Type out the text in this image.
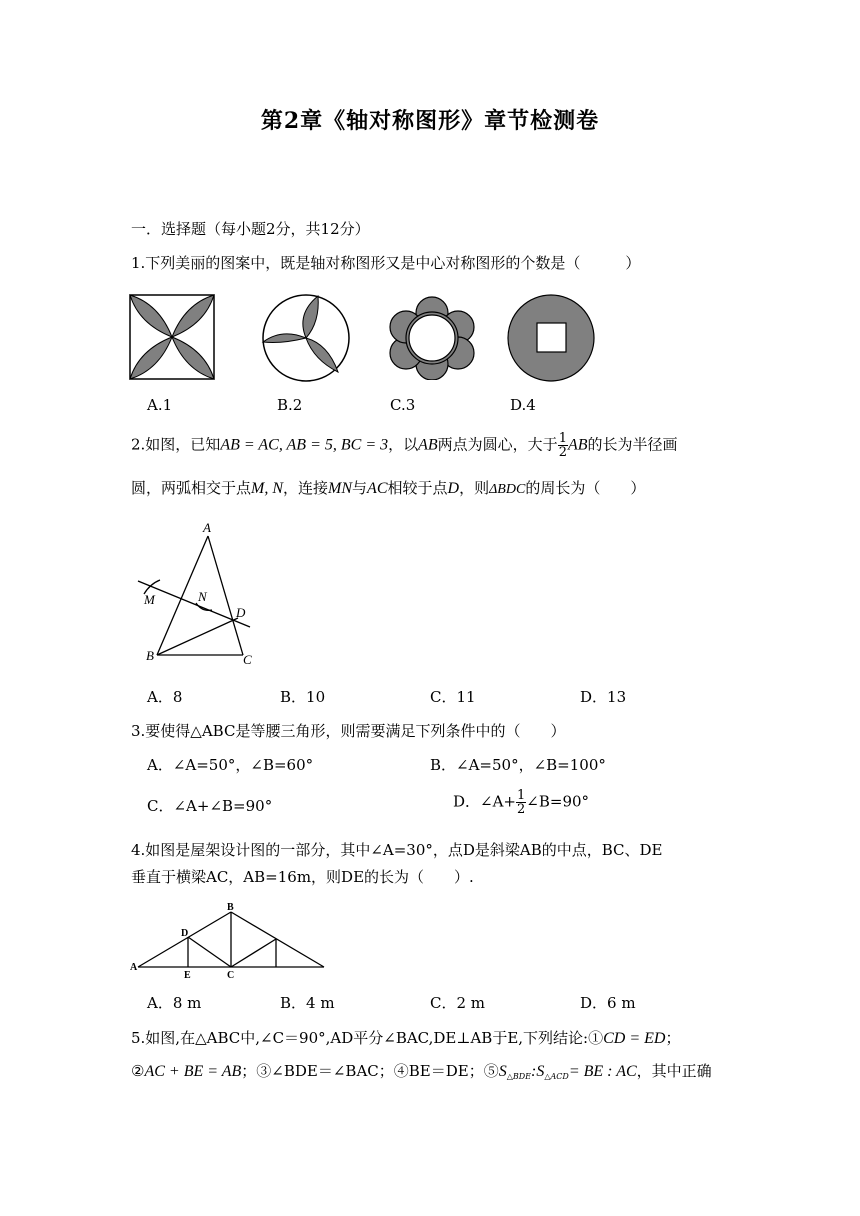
第2章《轴对称图形》章节检测卷
一．选择题（每小题2分，共12分）
1.下列美丽的图案中，既是轴对称图形又是中心对称图形的个数是（　　　）
A.1	B.2	C.3	D.4
2.如图，已知AB = AC, AB = 5, BC = 3，以AB两点为圆心，大于 $\frac{1}{2}$ AB的长为半径画
圆，两弧相交于点M, N，连接MN与AC相较于点D，则ΔBDC的周长为（　　）
A
B	C
D
M	N
A．8	B．10	C．11	D．13
3.要使得△ABC是等腰三角形，则需要满足下列条件中的（　　）
A．∠A=50°，∠B=60°	B．∠A=50°，∠B=100°
C．∠A+∠B=90°	D．∠A+ $\frac{1}{2}$ ∠B=90°
4.如图是屋架设计图的一部分，其中∠A=30°，点D是斜梁AB的中点，BC、DE
垂直于横梁AC，AB=16m，则DE的长为（　　）.
A
B
C
D
E
A．8 m	B．4 m	C．2 m	D．6 m
5.如图,在△ABC中,∠C＝90°,AD平分∠BAC,DE⊥AB于E,下列结论:①CD = ED；
②AC + BE = AB；③∠BDE＝∠BAC；④BE＝DE；$⑤S_{\triangle BDE}:S_{\triangle ACD}=$ BE : AC，其中正确
